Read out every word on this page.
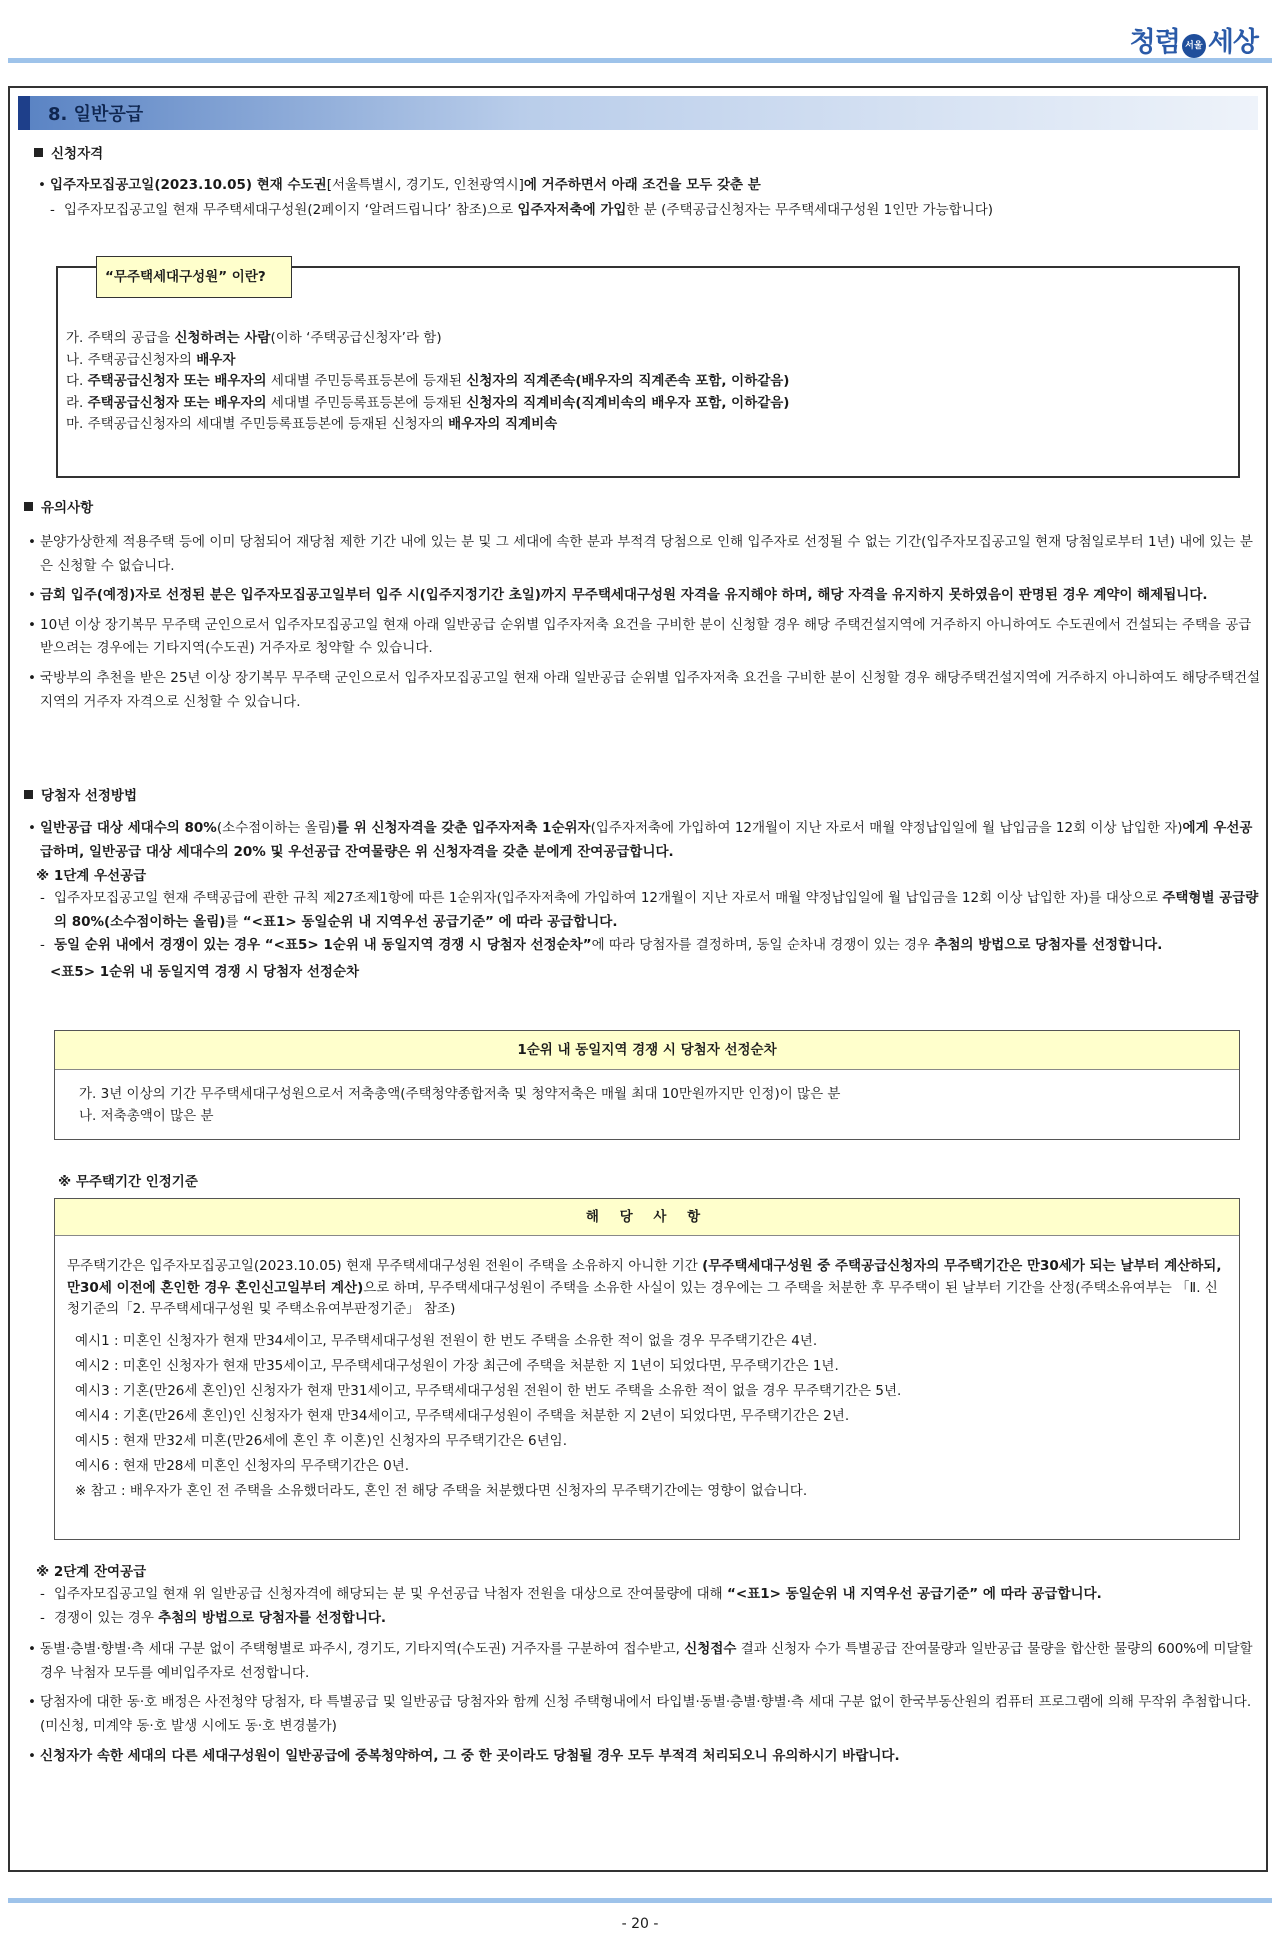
청렴 서울 세상
8. 일반공급

신청자격

• 입주자모집공고일(2023.10.05) 현재 수도권[서울특별시, 경기도, 인천광역시]에 거주하면서 아래 조건을 모두 갖춘 분

- 입주자모집공고일 현재 무주택세대구성원(2페이지 ‘알려드립니다’ 참조)으로 입주자저축에 가입한 분 (주택공급신청자는 무주택세대구성원 1인만 가능합니다)

“무주택세대구성원” 이란?

가. 주택의 공급을 신청하려는 사람(이하 ‘주택공급신청자’라 함)

나. 주택공급신청자의 배우자

다. 주택공급신청자 또는 배우자의 세대별 주민등록표등본에 등재된 신청자의 직계존속(배우자의 직계존속 포함, 이하같음)

라. 주택공급신청자 또는 배우자의 세대별 주민등록표등본에 등재된 신청자의 직계비속(직계비속의 배우자 포함, 이하같음)

마. 주택공급신청자의 세대별 주민등록표등본에 등재된 신청자의 배우자의 직계비속

유의사항

• 분양가상한제 적용주택 등에 이미 당첨되어 재당첨 제한 기간 내에 있는 분 및 그 세대에 속한 분과 부적격 당첨으로 인해 입주자로 선정될 수 없는 기간(입주자모집공고일 현재 당첨일로부터 1년) 내에 있는 분은 신청할 수 없습니다.

• 금회 입주(예정)자로 선정된 분은 입주자모집공고일부터 입주 시(입주지정기간 초일)까지 무주택세대구성원 자격을 유지해야 하며, 해당 자격을 유지하지 못하였음이 판명된 경우 계약이 해제됩니다.

• 10년 이상 장기복무 무주택 군인으로서 입주자모집공고일 현재 아래 일반공급 순위별 입주자저축 요건을 구비한 분이 신청할 경우 해당 주택건설지역에 거주하지 아니하여도 수도권에서 건설되는 주택을 공급받으려는 경우에는 기타지역(수도권) 거주자로 청약할 수 있습니다.

• 국방부의 추천을 받은 25년 이상 장기복무 무주택 군인으로서 입주자모집공고일 현재 아래 일반공급 순위별 입주자저축 요건을 구비한 분이 신청할 경우 해당주택건설지역에 거주하지 아니하여도 해당주택건설지역의 거주자 자격으로 신청할 수 있습니다.

당첨자 선정방법

• 일반공급 대상 세대수의 80%(소수점이하는 올림)를 위 신청자격을 갖춘 입주자저축 1순위자(입주자저축에 가입하여 12개월이 지난 자로서 매월 약정납입일에 월 납입금을 12회 이상 납입한 자)에게 우선공급하며, 일반공급 대상 세대수의 20% 및 우선공급 잔여물량은 위 신청자격을 갖춘 분에게 잔여공급합니다.

※ 1단계 우선공급

- 입주자모집공고일 현재 주택공급에 관한 규칙 제27조제1항에 따른 1순위자(입주자저축에 가입하여 12개월이 지난 자로서 매월 약정납입일에 월 납입금을 12회 이상 납입한 자)를 대상으로 주택형별 공급량의 80%(소수점이하는 올림)를 “<표1> 동일순위 내 지역우선 공급기준” 에 따라 공급합니다.

- 동일 순위 내에서 경쟁이 있는 경우 “<표5> 1순위 내 동일지역 경쟁 시 당첨자 선정순차”에 따라 당첨자를 결정하며, 동일 순차내 경쟁이 있는 경우 추첨의 방법으로 당첨자를 선정합니다.

<표5> 1순위 내 동일지역 경쟁 시 당첨자 선정순차

1순위 내 동일지역 경쟁 시 당첨자 선정순차

가. 3년 이상의 기간 무주택세대구성원으로서 저축총액(주택청약종합저축 및 청약저축은 매월 최대 10만원까지만 인정)이 많은 분

나. 저축총액이 많은 분

※ 무주택기간 인정기준

해 당 사 항

무주택기간은 입주자모집공고일(2023.10.05) 현재 무주택세대구성원 전원이 주택을 소유하지 아니한 기간 (무주택세대구성원 중 주택공급신청자의 무주택기간은 만30세가 되는 날부터 계산하되, 만30세 이전에 혼인한 경우 혼인신고일부터 계산)으로 하며, 무주택세대구성원이 주택을 소유한 사실이 있는 경우에는 그 주택을 처분한 후 무주택이 된 날부터 기간을 산정(주택소유여부는 「Ⅱ. 신청기준의「2. 무주택세대구성원 및 주택소유여부판정기준」 참조)

예시1 : 미혼인 신청자가 현재 만34세이고, 무주택세대구성원 전원이 한 번도 주택을 소유한 적이 없을 경우 무주택기간은 4년.

예시2 : 미혼인 신청자가 현재 만35세이고, 무주택세대구성원이 가장 최근에 주택을 처분한 지 1년이 되었다면, 무주택기간은 1년.

예시3 : 기혼(만26세 혼인)인 신청자가 현재 만31세이고, 무주택세대구성원 전원이 한 번도 주택을 소유한 적이 없을 경우 무주택기간은 5년.

예시4 : 기혼(만26세 혼인)인 신청자가 현재 만34세이고, 무주택세대구성원이 주택을 처분한 지 2년이 되었다면, 무주택기간은 2년.

예시5 : 현재 만32세 미혼(만26세에 혼인 후 이혼)인 신청자의 무주택기간은 6년임.

예시6 : 현재 만28세 미혼인 신청자의 무주택기간은 0년.

※ 참고 : 배우자가 혼인 전 주택을 소유했더라도, 혼인 전 해당 주택을 처분했다면 신청자의 무주택기간에는 영향이 없습니다.

※ 2단계 잔여공급

- 입주자모집공고일 현재 위 일반공급 신청자격에 해당되는 분 및 우선공급 낙첨자 전원을 대상으로 잔여물량에 대해 “<표1> 동일순위 내 지역우선 공급기준” 에 따라 공급합니다.

- 경쟁이 있는 경우 추첨의 방법으로 당첨자를 선정합니다.

• 동별·층별·향별·측 세대 구분 없이 주택형별로 파주시, 경기도, 기타지역(수도권) 거주자를 구분하여 접수받고, 신청접수 결과 신청자 수가 특별공급 잔여물량과 일반공급 물량을 합산한 물량의 600%에 미달할 경우 낙첨자 모두를 예비입주자로 선정합니다.

• 당첨자에 대한 동·호 배정은 사전청약 당첨자, 타 특별공급 및 일반공급 당첨자와 함께 신청 주택형내에서 타입별·동별·층별·향별·측 세대 구분 없이 한국부동산원의 컴퓨터 프로그램에 의해 무작위 추첨합니다.(미신청, 미계약 동·호 발생 시에도 동·호 변경불가)

• 신청자가 속한 세대의 다른 세대구성원이 일반공급에 중복청약하여, 그 중 한 곳이라도 당첨될 경우 모두 부적격 처리되오니 유의하시기 바랍니다.

- 20 -
